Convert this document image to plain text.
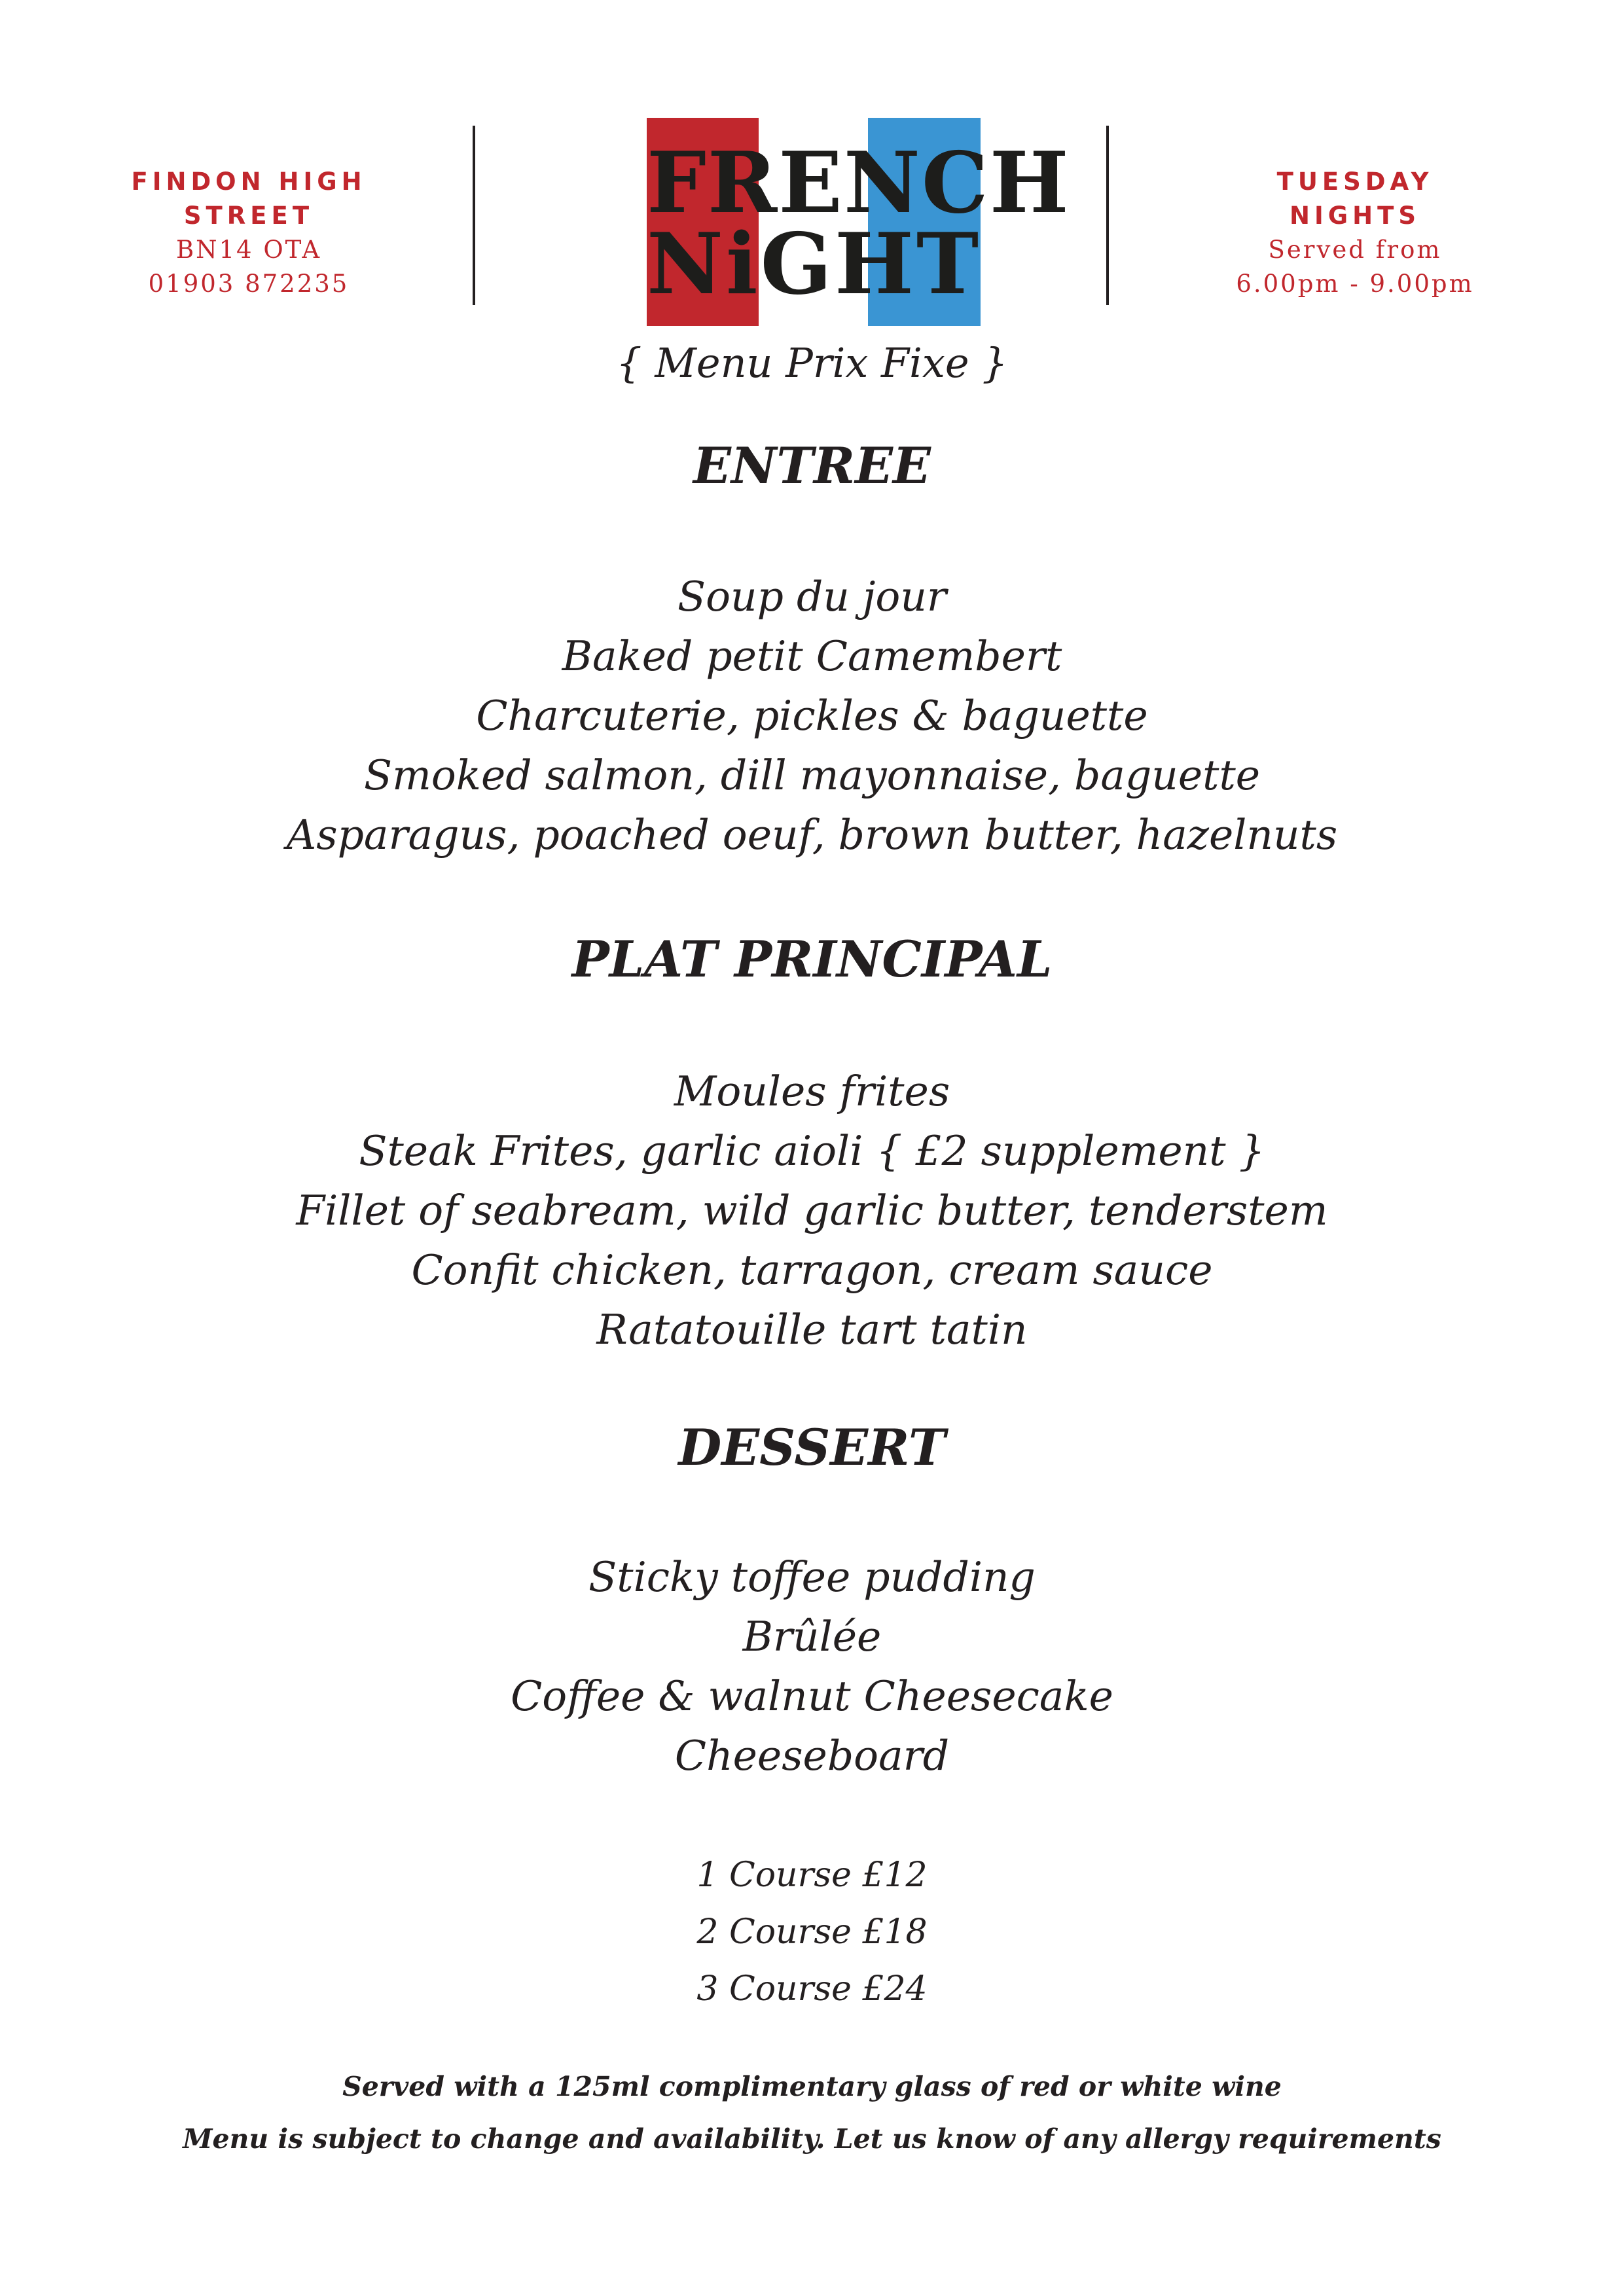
FINDON HIGH STREET
BN14 OTA
01903 872235
FRENCH
NiGHT
TUESDAY NIGHTS
Served from
6.00pm - 9.00pm
{ Menu Prix Fixe }
ENTREE
Soup du jour
Baked petit Camembert
Charcuterie, pickles & baguette
Smoked salmon, dill mayonnaise, baguette
Asparagus, poached oeuf, brown butter, hazelnuts
PLAT PRINCIPAL
Moules frites
Steak Frites, garlic aioli { £2 supplement }
Fillet of seabream, wild garlic butter, tenderstem
Confit chicken, tarragon, cream sauce
Ratatouille tart tatin
DESSERT
Sticky toffee pudding
Brûlée
Coffee & walnut Cheesecake
Cheeseboard
1 Course £12
2 Course £18
3 Course £24
Served with a 125ml complimentary glass of red or white wine
Menu is subject to change and availability. Let us know of any allergy requirements
